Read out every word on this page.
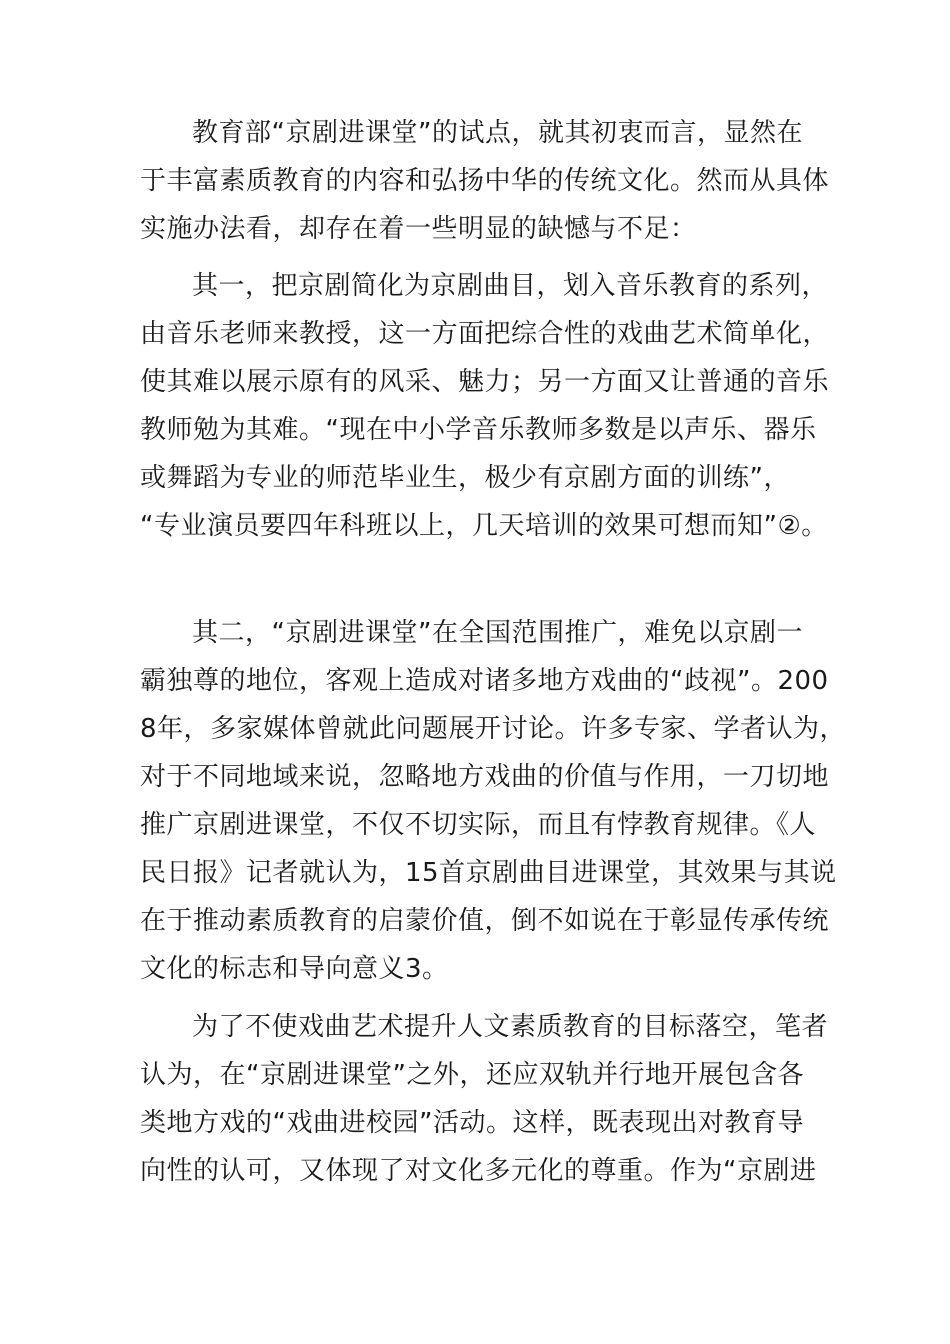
教育部“京剧进课堂”的试点，就其初衷而言，显然在
于丰富素质教育的内容和弘扬中华的传统文化。然而从具体
实施办法看，却存在着一些明显的缺憾与不足：
其一，把京剧简化为京剧曲目，划入音乐教育的系列，
由音乐老师来教授，这一方面把综合性的戏曲艺术简单化，
使其难以展示原有的风采、魅力；另一方面又让普通的音乐
教师勉为其难。“现在中小学音乐教师多数是以声乐、器乐
或舞蹈为专业的师范毕业生，极少有京剧方面的训练”，
“专业演员要四年科班以上，几天培训的效果可想而知”②。
其二，“京剧进课堂”在全国范围推广，难免以京剧一
霸独尊的地位，客观上造成对诸多地方戏曲的“歧视”。200
8年，多家媒体曾就此问题展开讨论。许多专家、学者认为，
对于不同地域来说，忽略地方戏曲的价值与作用，一刀切地
推广京剧进课堂，不仅不切实际，而且有悖教育规律。《人
民日报》记者就认为，15首京剧曲目进课堂，其效果与其说
在于推动素质教育的启蒙价值，倒不如说在于彰显传承传统
文化的标志和导向意义3。
为了不使戏曲艺术提升人文素质教育的目标落空，笔者
认为，在“京剧进课堂”之外，还应双轨并行地开展包含各
类地方戏的“戏曲进校园”活动。这样，既表现出对教育导
向性的认可，又体现了对文化多元化的尊重。作为“京剧进
